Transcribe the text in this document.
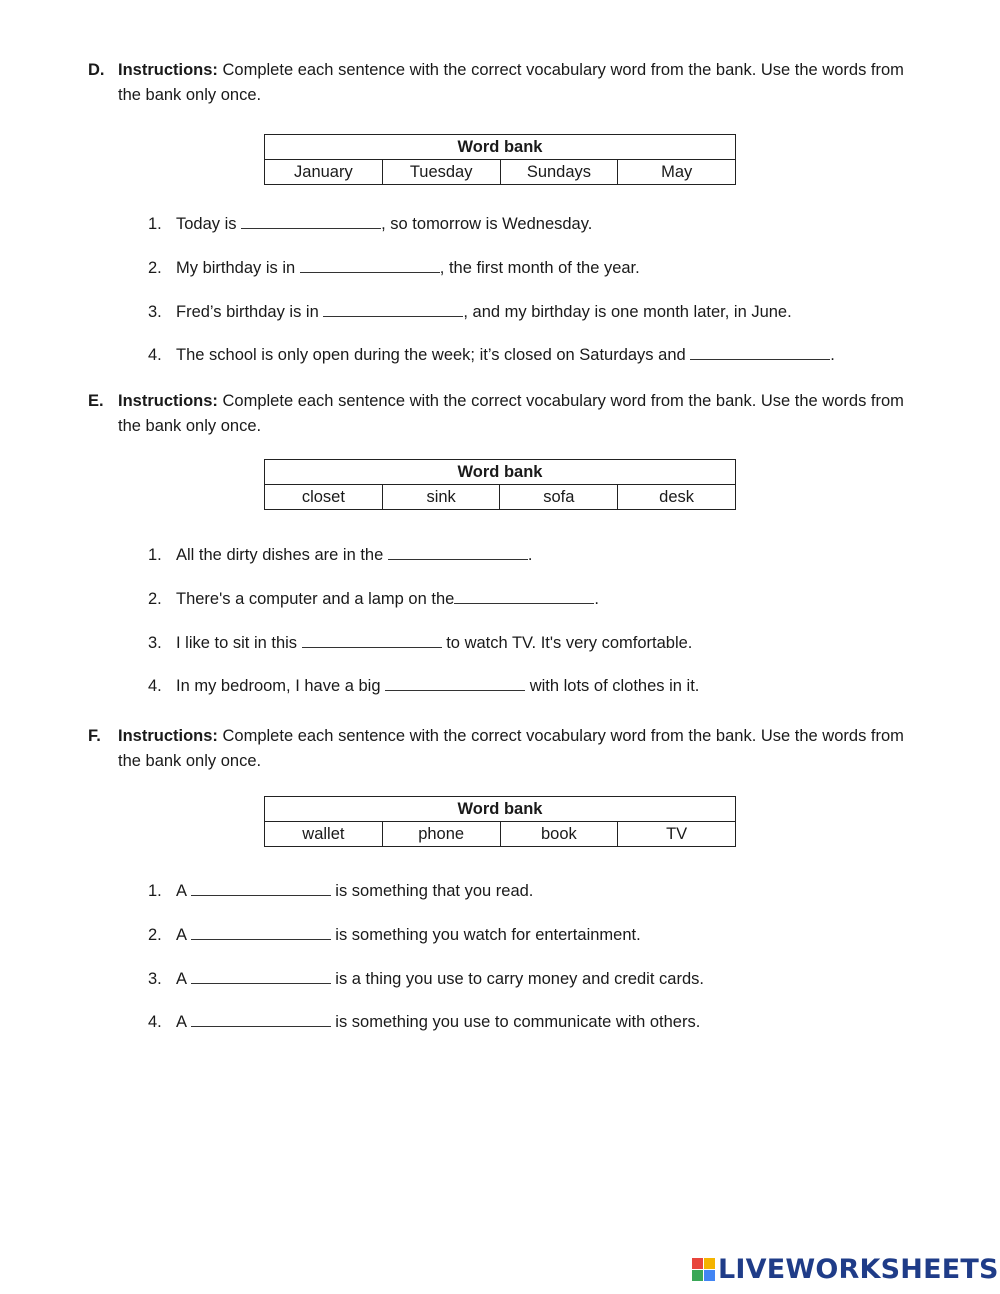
D. Instructions: Complete each sentence with the correct vocabulary word from the bank. Use the words from the bank only once.
Word bank
January	Tuesday	Sundays	May
1. Today is	, so tomorrow is Wednesday.
2. My birthday is in	, the first month of the year.
3. Fred’s birthday is in	, and my birthday is one month later, in June.
4. The school is only open during the week; it’s closed on Saturdays and	.
E. Instructions: Complete each sentence with the correct vocabulary word from the bank. Use the words from the bank only once.
Word bank
closet	sink	sofa	desk
1. All the dirty dishes are in the	.
2. There's a computer and a lamp on the	.
3. I like to sit in this	to watch TV. It's very comfortable.
4. In my bedroom, I have a big	with lots of clothes in it.
F.	Instructions: Complete each sentence with the correct vocabulary word from the bank. Use the words from the bank only once.
Word bank
wallet	phone	book	TV
1. A	is something that you read.
2. A	is something you watch for entertainment.
3. A	is a thing you use to carry money and credit cards.
4. A	is something you use to communicate with others.
LIVEWORKSHEETS
